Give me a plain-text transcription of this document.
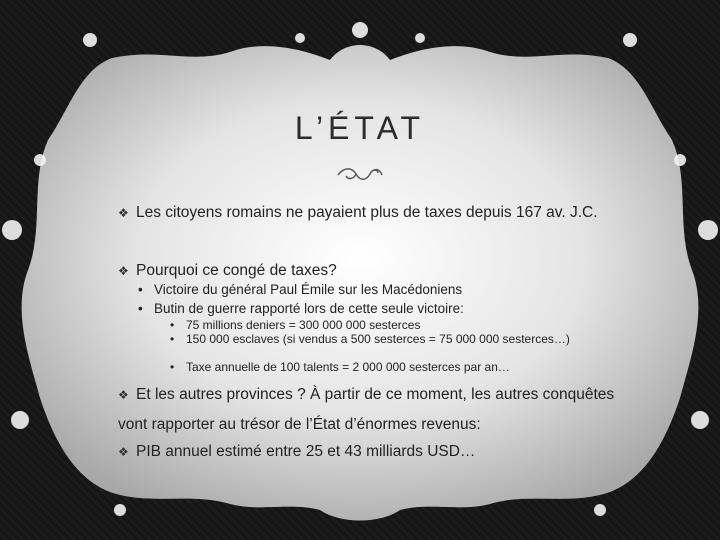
L’ÉTAT
❖ Les citoyens romains ne payaient plus de taxes depuis 167 av. J.C.
❖ Pourquoi ce congé de taxes?
• Victoire du général Paul Émile sur les Macédoniens
• Butin de guerre rapporté lors de cette seule victoire:
• 75 millions deniers = 300 000 000 sesterces
• 150 000 esclaves (si vendus a 500 sesterces = 75 000 000 sesterces…)
• Taxe annuelle de 100 talents = 2 000 000 sesterces par an…
❖ Et les autres provinces ? À partir de ce moment, les autres conquêtes vont rapporter au trésor de l’État d’énormes revenus:
❖ PIB annuel estimé entre 25 et 43 milliards USD…
